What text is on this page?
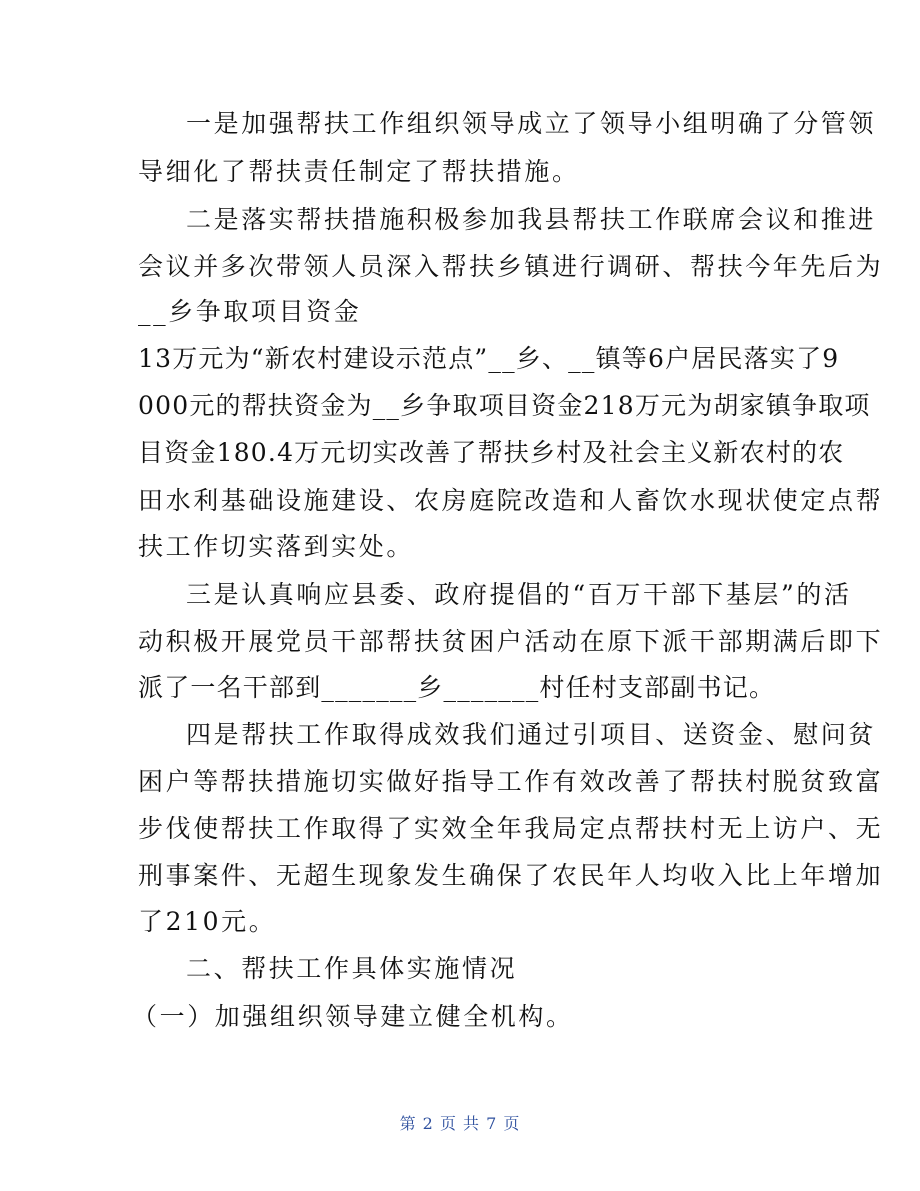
一是加强帮扶工作组织领导成立了领导小组明确了分管领
导细化了帮扶责任制定了帮扶措施。
二是落实帮扶措施积极参加我县帮扶工作联席会议和推进
会议并多次带领人员深入帮扶乡镇进行调研、帮扶今年先后为
__乡争取项目资金
13万元为“新农村建设示范点”__乡、__镇等6户居民落实了9
000元的帮扶资金为__乡争取项目资金218万元为胡家镇争取项
目资金180.4万元切实改善了帮扶乡村及社会主义新农村的农
田水利基础设施建设、农房庭院改造和人畜饮水现状使定点帮
扶工作切实落到实处。
三是认真响应县委、政府提倡的“百万干部下基层”的活
动积极开展党员干部帮扶贫困户活动在原下派干部期满后即下
派了一名干部到_______乡_______村任村支部副书记。
四是帮扶工作取得成效我们通过引项目、送资金、慰问贫
困户等帮扶措施切实做好指导工作有效改善了帮扶村脱贫致富
步伐使帮扶工作取得了实效全年我局定点帮扶村无上访户、无
刑事案件、无超生现象发生确保了农民年人均收入比上年增加
了210元。
二、帮扶工作具体实施情况
（一）加强组织领导建立健全机构。
第 2 页 共 7 页
